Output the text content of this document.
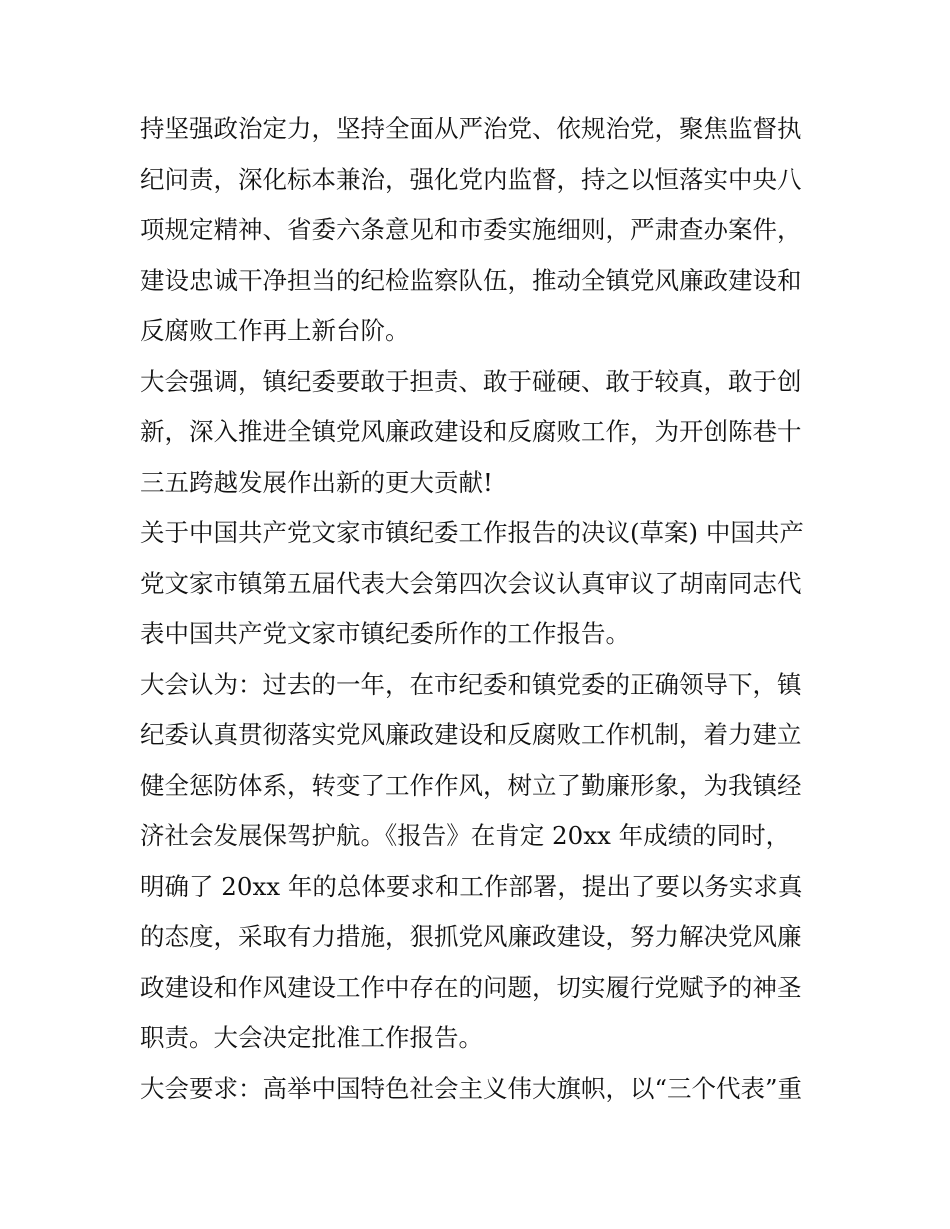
持坚强政治定力，坚持全面从严治党、依规治党，聚焦监督执
纪问责，深化标本兼治，强化党内监督，持之以恒落实中央八
项规定精神、省委六条意见和市委实施细则，严肃查办案件，
建设忠诚干净担当的纪检监察队伍，推动全镇党风廉政建设和
反腐败工作再上新台阶。
大会强调，镇纪委要敢于担责、敢于碰硬、敢于较真，敢于创
新，深入推进全镇党风廉政建设和反腐败工作，为开创陈巷十
三五跨越发展作出新的更大贡献!
关于中国共产党文家市镇纪委工作报告的决议(草案) 中国共产
党文家市镇第五届代表大会第四次会议认真审议了胡南同志代
表中国共产党文家市镇纪委所作的工作报告。
大会认为：过去的一年，在市纪委和镇党委的正确领导下，镇
纪委认真贯彻落实党风廉政建设和反腐败工作机制，着力建立
健全惩防体系，转变了工作作风，树立了勤廉形象，为我镇经
济社会发展保驾护航。《报告》在肯定 20xx 年成绩的同时，
明确了 20xx 年的总体要求和工作部署，提出了要以务实求真
的态度，采取有力措施，狠抓党风廉政建设，努力解决党风廉
政建设和作风建设工作中存在的问题，切实履行党赋予的神圣
职责。大会决定批准工作报告。
大会要求：高举中国特色社会主义伟大旗帜，以“三个代表”重
